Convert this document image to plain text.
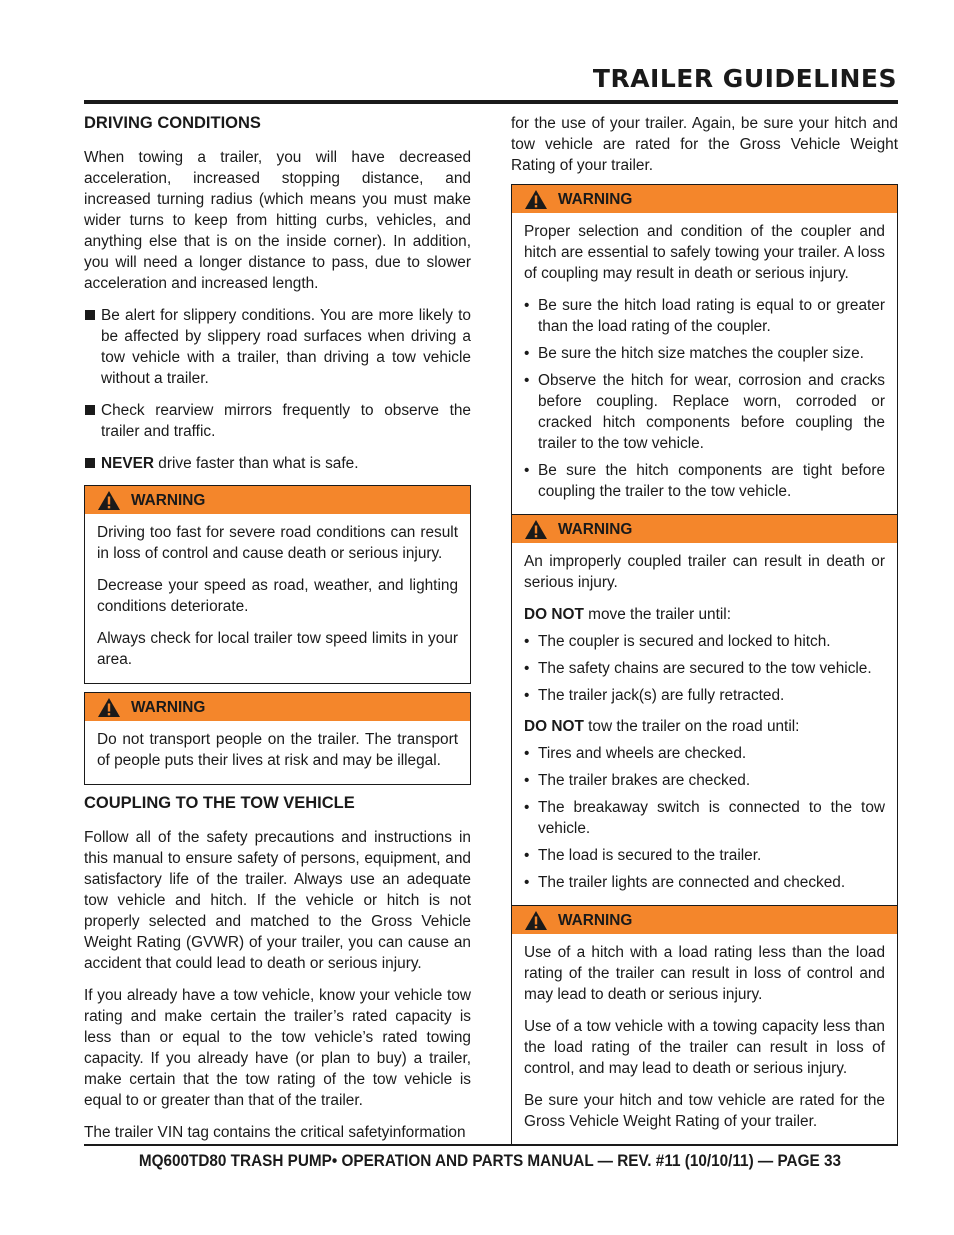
TRAILER GUIDELINES
DRIVING CONDITIONS

When towing a trailer, you will have decreased acceleration, increased stopping distance, and increased turning radius (which means you must make wider turns to keep from hitting curbs, vehicles, and anything else that is on the inside corner). In addition, you will need a longer distance to pass, due to slower acceleration and increased length.

Be alert for slippery conditions. You are more likely to be affected by slippery road surfaces when driving a tow vehicle with a trailer, than driving a tow vehicle without a trailer.
Check rearview mirrors frequently to observe the trailer and traffic.
NEVER drive faster than what is safe.
WARNING

Driving too fast for severe road conditions can result in loss of control and cause death or serious injury.

Decrease your speed as road, weather, and lighting conditions deteriorate.

Always check for local trailer tow speed limits in your area.

WARNING

Do not transport people on the trailer. The transport of people puts their lives at risk and may be illegal.

COUPLING TO THE TOW VEHICLE

Follow all of the safety precautions and instructions in this manual to ensure safety of persons, equipment, and satisfactory life of the trailer. Always use an adequate tow vehicle and hitch. If the vehicle or hitch is not properly selected and matched to the Gross Vehicle Weight Rating (GVWR) of your trailer, you can cause an accident that could lead to death or serious injury.

If you already have a tow vehicle, know your vehicle tow rating and make certain the trailer’s rated capacity is less than or equal to the tow vehicle’s rated towing capacity. If you already have (or plan to buy) a trailer, make certain that the tow rating of the tow vehicle is equal to or greater than that of the trailer.

The trailer VIN tag contains the critical safetyinformation

for the use of your trailer. Again, be sure your hitch and tow vehicle are rated for the Gross Vehicle Weight Rating of your trailer.

WARNING

Proper selection and condition of the coupler and hitch are essential to safely towing your trailer. A loss of coupling may result in death or serious injury.

• Be sure the hitch load rating is equal to or greater than the load rating of the coupler.
• Be sure the hitch size matches the coupler size.
• Observe the hitch for wear, corrosion and cracks before coupling. Replace worn, corroded or cracked hitch components before coupling the trailer to the tow vehicle.
• Be sure the hitch components are tight before coupling the trailer to the tow vehicle.
WARNING

An improperly coupled trailer can result in death or serious injury.

DO NOT move the trailer until:

• The coupler is secured and locked to hitch.
• The safety chains are secured to the tow vehicle.
• The trailer jack(s) are fully retracted.

DO NOT tow the trailer on the road until:

• Tires and wheels are checked.
• The trailer brakes are checked.
• The breakaway switch is connected to the tow vehicle.
• The load is secured to the trailer.
• The trailer lights are connected and checked.
WARNING

Use of a hitch with a load rating less than the load rating of the trailer can result in loss of control and may lead to death or serious injury.

Use of a tow vehicle with a towing capacity less than the load rating of the trailer can result in loss of control, and may lead to death or serious injury.

Be sure your hitch and tow vehicle are rated for the Gross Vehicle Weight Rating of your trailer.

MQ600TD80 TRASH PUMP• OPERATION AND PARTS MANUAL — REV. #11 (10/10/11) — PAGE 33
